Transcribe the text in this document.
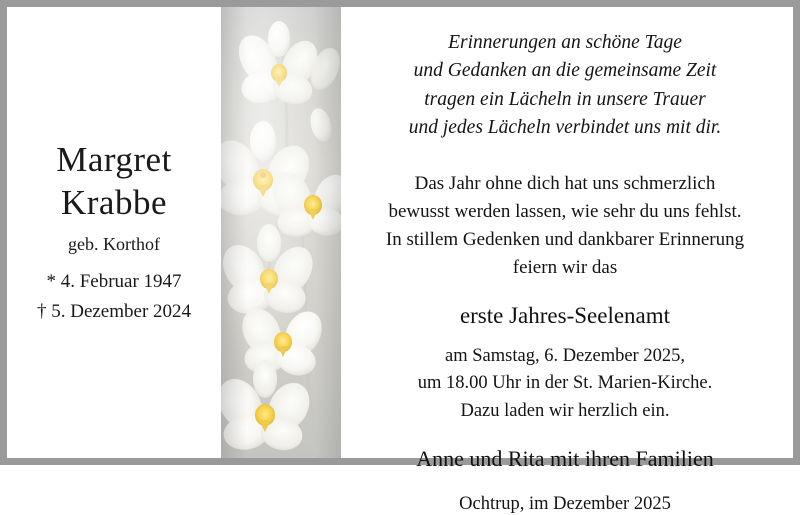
Margret
Krabbe
geb. Korthof
* 4. Februar 1947
† 5. Dezember 2024
Erinnerungen an schöne Tage
und Gedanken an die gemeinsame Zeit
tragen ein Lächeln in unsere Trauer
und jedes Lächeln verbindet uns mit dir.
Das Jahr ohne dich hat uns schmerzlich
bewusst werden lassen, wie sehr du uns fehlst.
In stillem Gedenken und dankbarer Erinnerung
feiern wir das
erste Jahres-Seelenamt
am Samstag, 6. Dezember 2025,
um 18.00 Uhr in der St. Marien-Kirche.
Dazu laden wir herzlich ein.
Anne und Rita mit ihren Familien
Ochtrup, im Dezember 2025
